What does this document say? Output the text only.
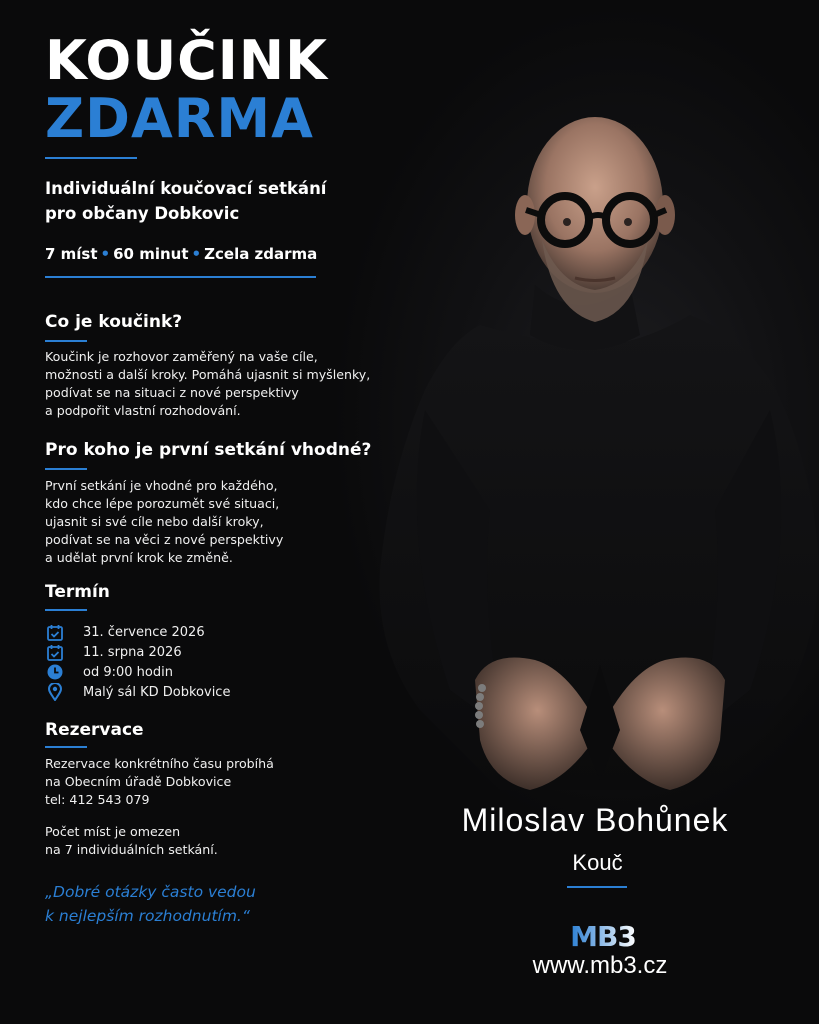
KOUČINK
ZDARMA
Individuální koučovací setkání
pro občany Dobkovic
7 míst • 60 minut • Zcela zdarma
Co je koučink?
Koučink je rozhovor zaměřený na vaše cíle,
možnosti a další kroky. Pomáhá ujasnit si myšlenky,
podívat se na situaci z nové perspektivy
a podpořit vlastní rozhodování.
Pro koho je první setkání vhodné?
První setkání je vhodné pro každého,
kdo chce lépe porozumět své situaci,
ujasnit si své cíle nebo další kroky,
podívat se na věci z nové perspektivy
a udělat první krok ke změně.
Termín
31. července 2026
11. srpna 2026
od 9:00 hodin
Malý sál KD Dobkovice
Rezervace
Rezervace konkrétního času probíhá
na Obecním úřadě Dobkovice
tel: 412 543 079
Počet míst je omezen
na 7 individuálních setkání.
„Dobré otázky často vedou
k nejlepším rozhodnutím.“
Miloslav Bohůnek
Kouč
MB3
www.mb3.cz
